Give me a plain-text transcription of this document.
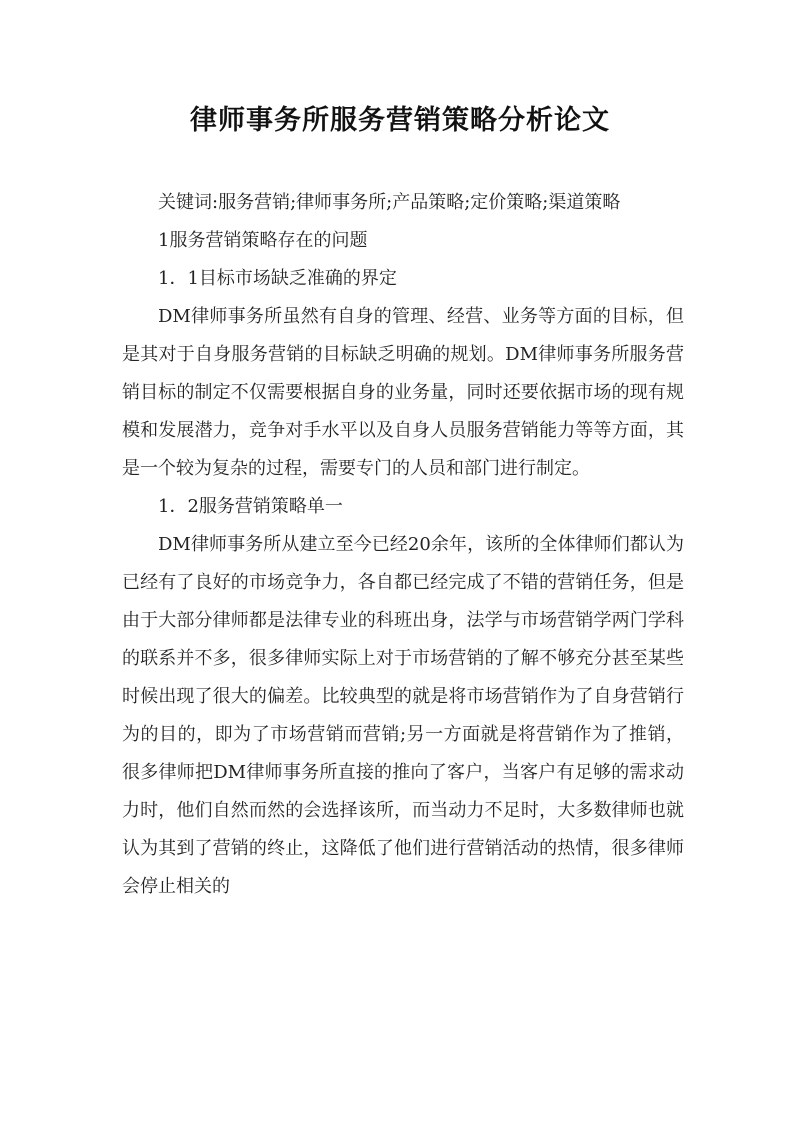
律师事务所服务营销策略分析论文

关键词:服务营销;律师事务所;产品策略;定价策略;渠道策略

1服务营销策略存在的问题

1．1目标市场缺乏准确的界定

DM律师事务所虽然有自身的管理、经营、业务等方面的目标，但是其对于自身服务营销的目标缺乏明确的规划。DM律师事务所服务营销目标的制定不仅需要根据自身的业务量，同时还要依据市场的现有规模和发展潜力，竞争对手水平以及自身人员服务营销能力等等方面，其是一个较为复杂的过程，需要专门的人员和部门进行制定。

1．2服务营销策略单一

DM律师事务所从建立至今已经20余年，该所的全体律师们都认为已经有了良好的市场竞争力，各自都已经完成了不错的营销任务，但是由于大部分律师都是法律专业的科班出身，法学与市场营销学两门学科的联系并不多，很多律师实际上对于市场营销的了解不够充分甚至某些时候出现了很大的偏差。比较典型的就是将市场营销作为了自身营销行为的目的，即为了市场营销而营销;另一方面就是将营销作为了推销，很多律师把DM律师事务所直接的推向了客户，当客户有足够的需求动力时，他们自然而然的会选择该所，而当动力不足时，大多数律师也就认为其到了营销的终止，这降低了他们进行营销活动的热情，很多律师会停止相关的
